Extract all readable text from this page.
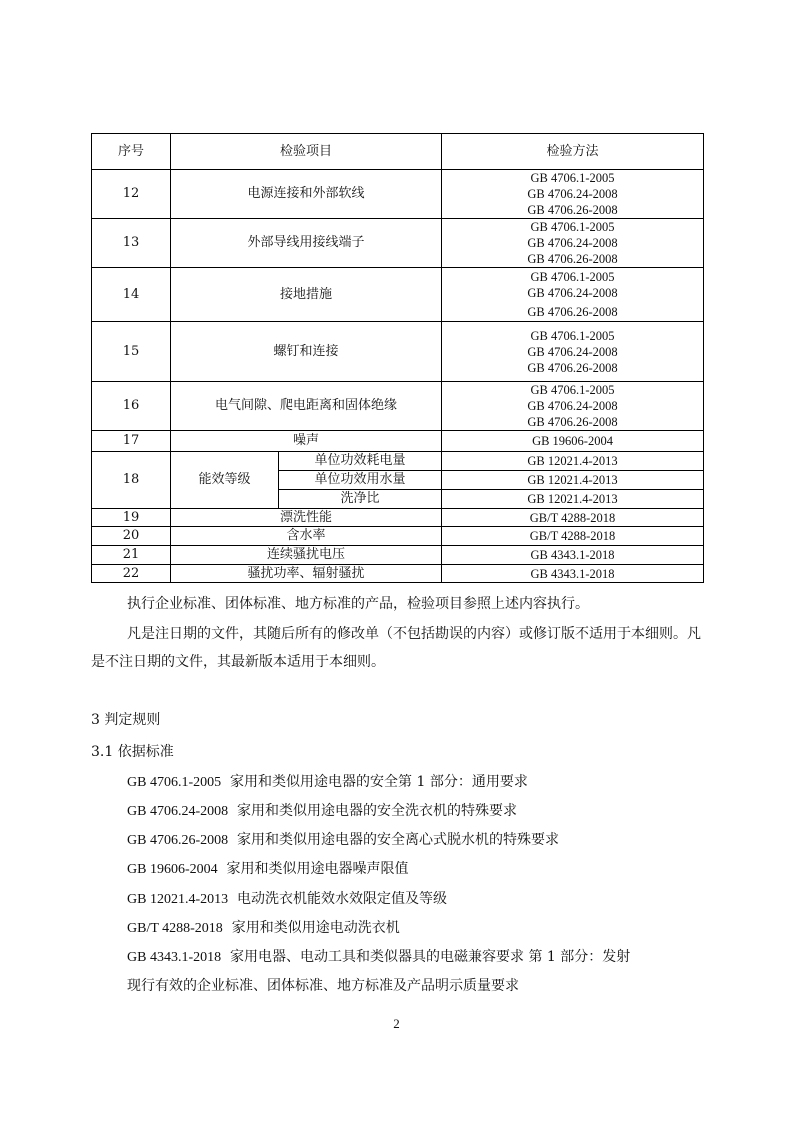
序号	检验项目		检验方法
12	电源连接和外部软线		GB 4706.1-2005
GB 4706.24-2008
GB 4706.26-2008

13	外部导线用接线端子		GB 4706.1-2005
GB 4706.24-2008
GB 4706.26-2008

14	接地措施		GB 4706.1-2005
GB 4706.24-2008
GB 4706.26-2008

15	螺钉和连接		GB 4706.1-2005
GB 4706.24-2008
GB 4706.26-2008

16	电气间隙、爬电距离和固体绝缘		GB 4706.1-2005
GB 4706.24-2008
GB 4706.26-2008

17	噪声		GB 19606-2004

18	能效等级	单位功效耗电量	GB 12021.4-2013

		单位功效用水量	GB 12021.4-2013

		洗净比	GB 12021.4-2013

19	漂洗性能		GB/T 4288-2018

20	含水率		GB/T 4288-2018

21	连续骚扰电压		GB 4343.1-2018

22	骚扰功率、辐射骚扰		GB 4343.1-2018

执行企业标准、团体标准、地方标准的产品，检验项目参照上述内容执行。

凡是注日期的文件，其随后所有的修改单（不包括勘误的内容）或修订版不适用于本细则。凡是不注日期的文件，其最新版本适用于本细则。

3 判定规则

3.1 依据标准

GB 4706.1-2005 家用和类似用途电器的安全第 1 部分：通用要求

GB 4706.24-2008 家用和类似用途电器的安全洗衣机的特殊要求

GB 4706.26-2008 家用和类似用途电器的安全离心式脱水机的特殊要求

GB 19606-2004 家用和类似用途电器噪声限值

GB 12021.4-2013 电动洗衣机能效水效限定值及等级

GB/T 4288-2018 家用和类似用途电动洗衣机

GB 4343.1-2018 家用电器、电动工具和类似器具的电磁兼容要求 第 1 部分：发射

现行有效的企业标准、团体标准、地方标准及产品明示质量要求

2
